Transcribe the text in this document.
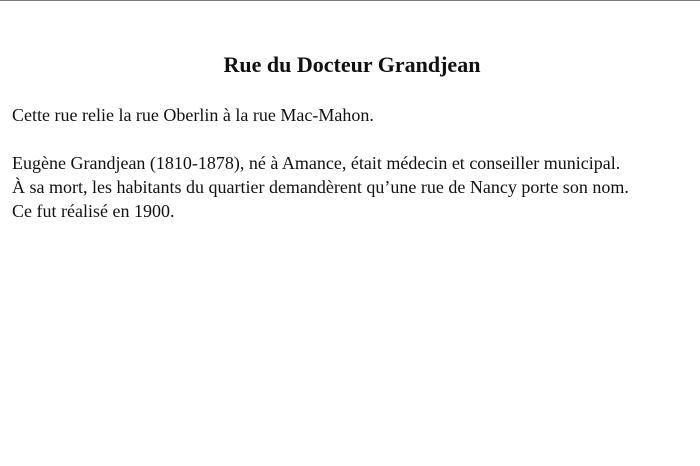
Rue du Docteur Grandjean

Cette rue relie la rue Oberlin à la rue Mac-Mahon.

Eugène Grandjean (1810-1878), né à Amance, était médecin et conseiller municipal.
À sa mort, les habitants du quartier demandèrent qu’une rue de Nancy porte son nom.
Ce fut réalisé en 1900.
